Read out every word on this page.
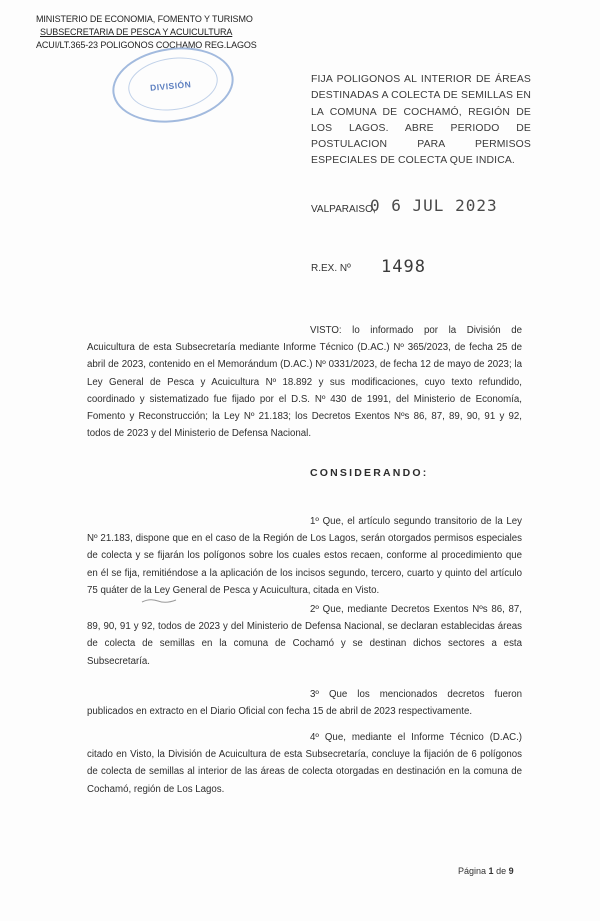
MINISTERIO DE ECONOMIA, FOMENTO Y TURISMO
SUBSECRETARIA DE PESCA Y ACUICULTURA
ACUI/LT.365-23 POLIGONOS COCHAMO REG.LAGOS
DIVISIÓN	FIJA POLIGONOS AL INTERIOR DE ÁREAS DESTINADAS A COLECTA DE SEMILLAS EN LA COMUNA DE COCHAMÓ, REGIÓN DE LOS LAGOS. ABRE PERIODO DE POSTULACION PARA PERMISOS ESPECIALES DE COLECTA QUE INDICA.
VALPARAISO,
0 6 JUL 2023
R.EX. Nº 1498
VISTO: lo informado por la División de Acuicultura de esta Subsecretaría mediante Informe Técnico (D.AC.) Nº 365/2023, de fecha 25 de abril de 2023, contenido en el Memorándum (D.AC.) Nº 0331/2023, de fecha 12 de mayo de 2023; la Ley General de Pesca y Acuicultura Nº 18.892 y sus modificaciones, cuyo texto refundido, coordinado y sistematizado fue fijado por el D.S. Nº 430 de 1991, del Ministerio de Economía, Fomento y Reconstrucción; la Ley Nº 21.183; los Decretos Exentos Nºs 86, 87, 89, 90, 91 y 92, todos de 2023 y del Ministerio de Defensa Nacional.
CONSIDERANDO:
1º Que, el artículo segundo transitorio de la Ley Nº 21.183, dispone que en el caso de la Región de Los Lagos, serán otorgados permisos especiales de colecta y se fijarán los polígonos sobre los cuales estos recaen, conforme al procedimiento que en él se fija, remitiéndose a la aplicación de los incisos segundo, tercero, cuarto y quinto del artículo 75 quáter de la Ley General de Pesca y Acuicultura, citada en Visto.
2º Que, mediante Decretos Exentos Nºs 86, 87, 89, 90, 91 y 92, todos de 2023 y del Ministerio de Defensa Nacional, se declaran establecidas áreas de colecta de semillas en la comuna de Cochamó y se destinan dichos sectores a esta Subsecretaría.
3º Que los mencionados decretos fueron publicados en extracto en el Diario Oficial con fecha 15 de abril de 2023 respectivamente.
4º Que, mediante el Informe Técnico (D.AC.) citado en Visto, la División de Acuicultura de esta Subsecretaría, concluye la fijación de 6 polígonos de colecta de semillas al interior de las áreas de colecta otorgadas en destinación en la comuna de Cochamó, región de Los Lagos.
Página 1 de 9
